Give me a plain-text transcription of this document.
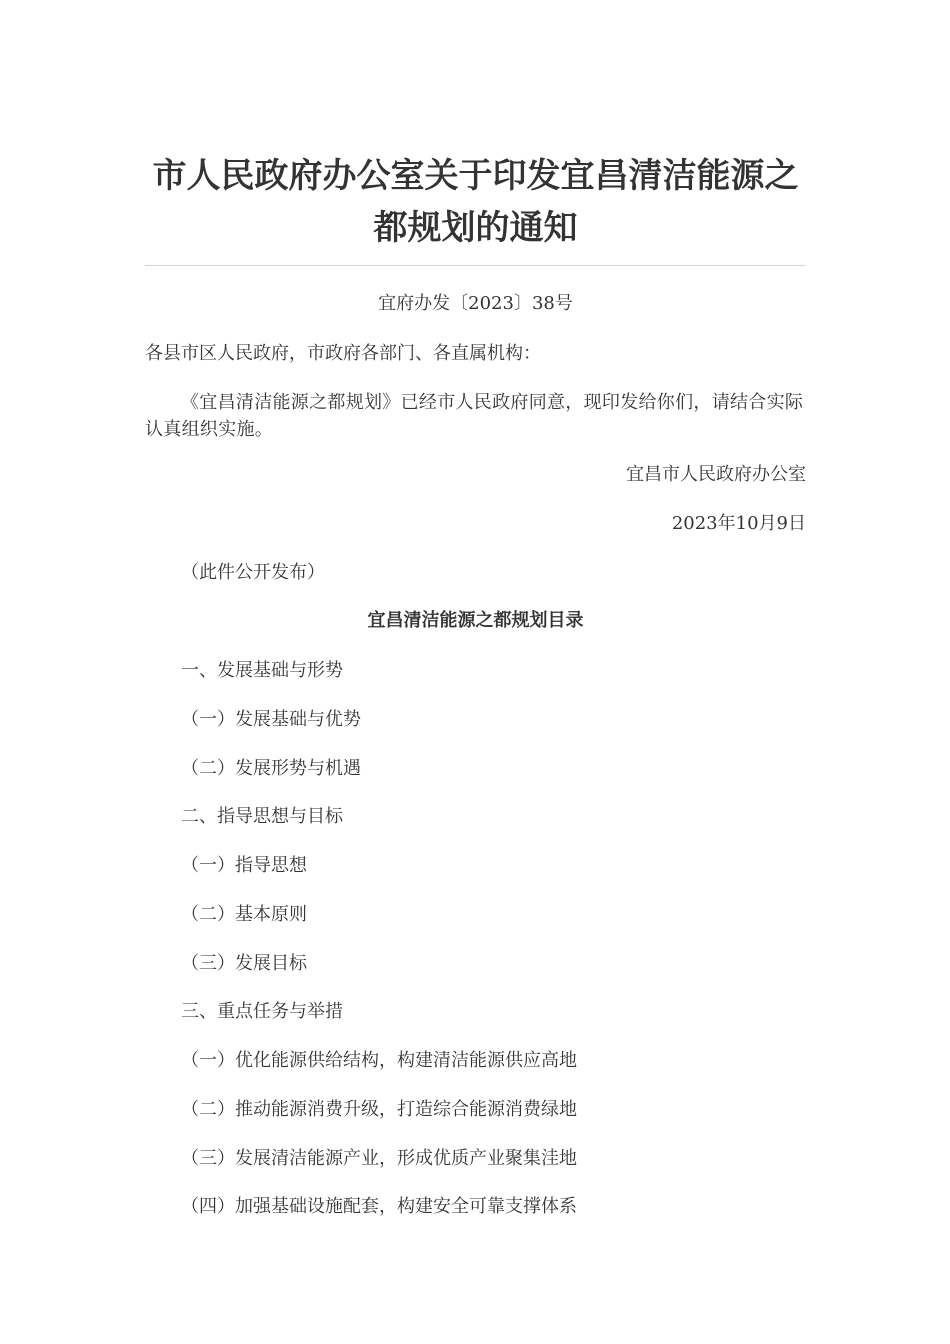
市人民政府办公室关于印发宜昌清洁能源之都规划的通知
宜府办发〔2023〕38号
各县市区人民政府，市政府各部门、各直属机构：
《宜昌清洁能源之都规划》已经市人民政府同意，现印发给你们，请结合实际认真组织实施。
宜昌市人民政府办公室
2023年10月9日
（此件公开发布）
宜昌清洁能源之都规划目录
一、发展基础与形势
（一）发展基础与优势
（二）发展形势与机遇
二、指导思想与目标
（一）指导思想
（二）基本原则
（三）发展目标
三、重点任务与举措
（一）优化能源供给结构，构建清洁能源供应高地
（二）推动能源消费升级，打造综合能源消费绿地
（三）发展清洁能源产业，形成优质产业聚集洼地
（四）加强基础设施配套，构建安全可靠支撑体系
